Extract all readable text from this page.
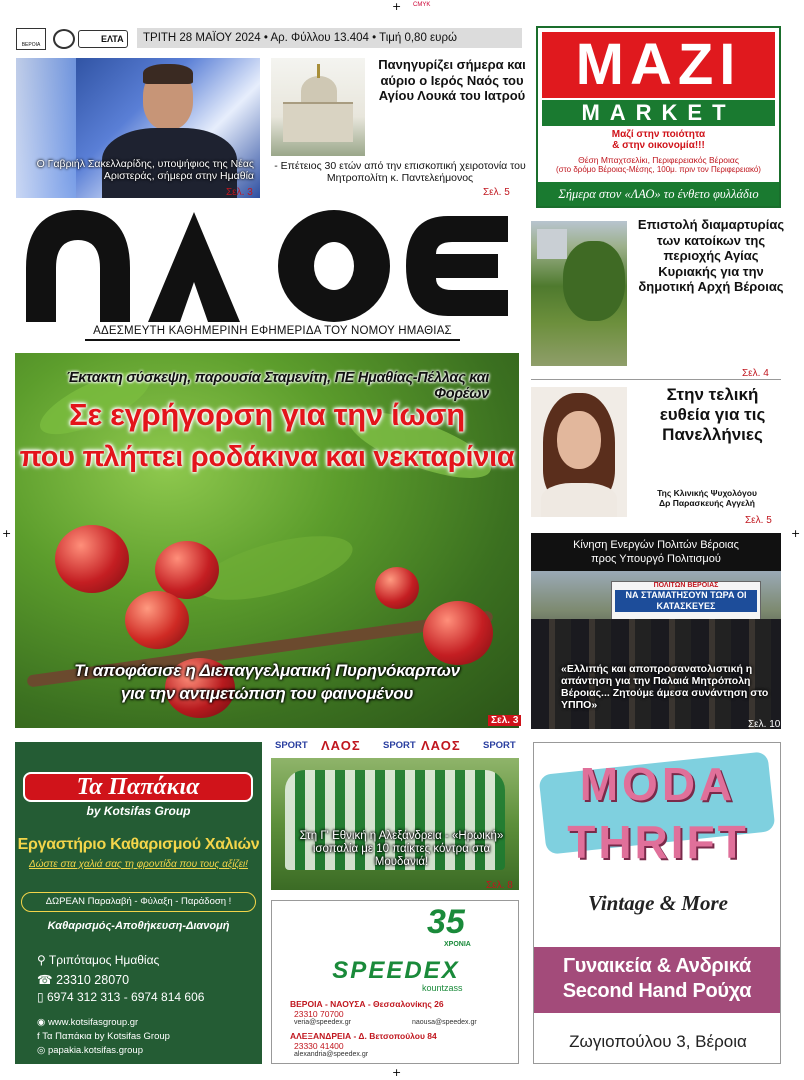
+ CMYK
+	+
+
ΒΕΡΟΙΑ
ΕΛΤΑ	ΤΡΙΤΗ 28 ΜΑΪΟΥ 2024 • Αρ. Φύλλου 13.404 • Τιμή 0,80 ευρώ
Ο Γαβριήλ Σακελλαρίδης, υποψήφιος της Νέας Αριστεράς, σήμερα στην Ημαθία
Σελ. 3
Πανηγυρίζει σήμερα και αύριο ο Ιερός Ναός του Αγίου Λουκά του Ιατρού
- Επέτειος 30 ετών από την επισκοπική χειροτονία του Μητροπολίτη κ. Παντελεήμονος
Σελ. 5
MAZI
MARKET
Μαζί στην ποιότητα
& στην οικονομία!!!
Θέση Μπαχτσελίκι, Περιφερειακός Βέροιας
(στο δρόμο Βέροιας-Μέσης, 100μ. πριν τον Περιφερειακό)
Σήμερα στον «ΛΑΟ» το ένθετο φυλλάδιο
ΑΔΕΣΜΕΥΤΗ ΚΑΘΗΜΕΡΙΝΗ ΕΦΗΜΕΡΙΔΑ ΤΟΥ ΝΟΜΟΥ ΗΜΑΘΙΑΣ
Επιστολή διαμαρτυρίας των κατοίκων της περιοχής Αγίας Κυριακής για την δημοτική Αρχή Βέροιας
Σελ. 4
Στην τελική ευθεία για τις Πανελλήνιες
Της Κλινικής Ψυχολόγου
Δρ Παρασκευής Αγγελή
Σελ. 5
Έκτακτη σύσκεψη, παρουσία Σταμενίτη, ΠΕ Ημαθίας-Πέλλας και Φορέων
Σε εγρήγορση για την ίωση
που πλήττει ροδάκινα και νεκταρίνια
Τι αποφάσισε η Διεπαγγελματική Πυρηνόκαρπων
για την αντιμετώπιση του φαινομένου
Σελ. 3
Κίνηση Ενεργών Πολιτών Βέροιας
προς Υπουργό Πολιτισμού
ΠΟΛΙΤΩΝ ΒΕΡΟΙΑΣ
ΝΑ ΣΤΑΜΑΤΗΣΟΥΝ ΤΩΡΑ ΟΙ ΚΑΤΑΣΚΕΥΕΣ
«Ελλιπής και αποπροσανατολιστική η απάντηση για την Παλαιά Μητρόπολη Βέροιας... Ζητούμε άμεσα συνάντηση στο ΥΠΠΟ»
Σελ. 10
Τα Παπάκια
by Kotsifas Group
Εργαστήριο Καθαρισμού Χαλιών
Δώστε στα χαλιά σας τη φροντίδα που τους αξίζει!
ΔΩΡΕΑΝ Παραλαβή - Φύλαξη - Παράδοση !
Καθαρισμός-Αποθήκευση-Διανομή
⚲ Τριπόταμος Ημαθίας
☎ 23310 28070
▯ 6974 312 313 - 6974 814 606
◉ www.kotsifasgroup.gr
f Τα Παπάκια by Kotsifas Group
◎ papakia.kotsifas.group
SPORT ΛΑΟΣ SPORT ΛΑΟΣ SPORT
Στη Γ' Εθνική η Αλεξάνδρεια - «Ηρωική» ισοπαλία με 10 παίκτες κόντρα στα Μουδανιά!
Σελ. 8
35
ΧΡΟΝΙΑ
SPEEDEX
kountzass
ΒΕΡΟΙΑ - ΝΑΟΥΣΑ - Θεσσαλονίκης 26
23310 70700
veria@speedex.gr	naousa@speedex.gr
ΑΛΕΞΑΝΔΡΕΙΑ - Δ. Βετσοπούλου 84
23330 41400
alexandria@speedex.gr
MODA
THRIFT
Vintage & More
Γυναικεία & Ανδρικά
Second Hand Ρούχα
Ζωγιοπούλου 3, Βέροια
